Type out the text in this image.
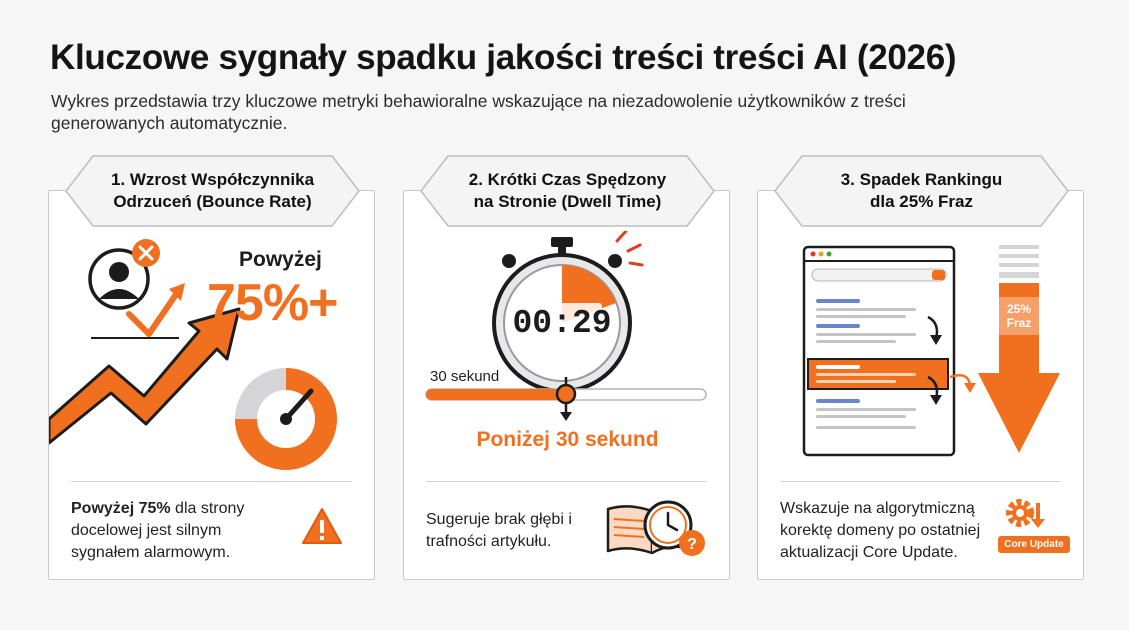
Kluczowe sygnały spadku jakości treści treści AI (2026)

Wykres przedstawia trzy kluczowe metryki behawioralne wskazujące na niezadowolenie użytkowników z treści generowanych automatycznie.

1. Wzrost Współczynnika
Odrzuceń (Bounce Rate)
Powyżej
75%+

Powyżej 75% dla strony docelowej jest silnym sygnałem alarmowym.

2. Krótki Czas Spędzony
na Stronie (Dwell Time)
00:29
30 sekund
Poniżej 30 sekund

Sugeruje brak głębi i trafności artykułu.	?
3. Spadek Rankingu
dla 25% Fraz
25%
Fraz

Wskazuje na algorytmiczną korektę domeny po ostatniej aktualizacji Core Update.	Core Update
